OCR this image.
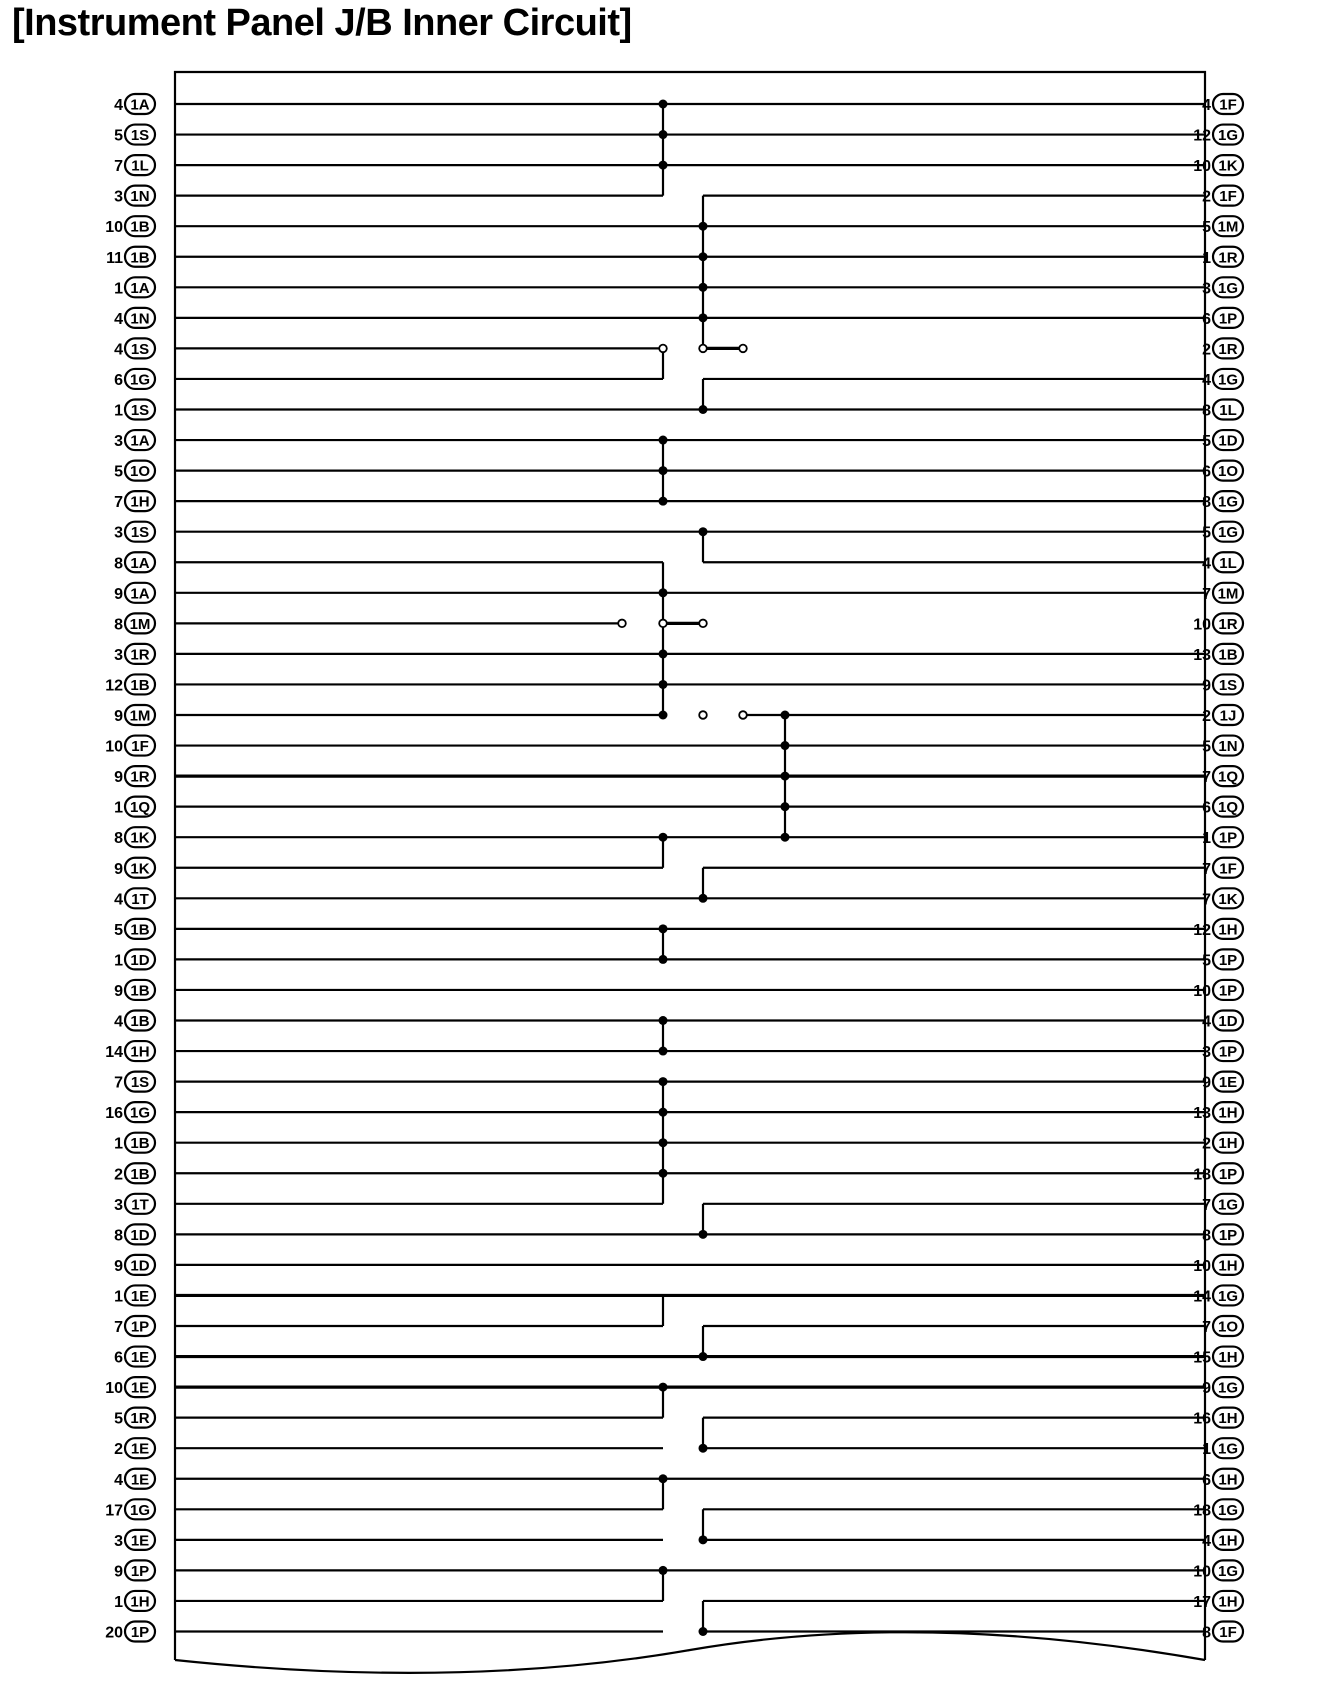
[Instrument Panel J/B Inner Circuit]
4 1A
5 1S
7 1L
3 1N
10 1B
11 1B
1 1A
4 1N
4 1S
6 1G
1 1S
3 1A
5 1O
7 1H
3 1S
8 1A
9 1A
8 1M
3 1R
12 1B
9 1M
10 1F
9 1R
1 1Q
8 1K
9 1K
4 1T
5 1B
1 1D
9 1B
4 1B
14 1H
7 1S
16 1G
1 1B
2 1B
3 1T
8 1D
9 1D
1 1E
7 1P
6 1E
10 1E
5 1R
2 1E
4 1E
17 1G
3 1E
9 1P
1 1H
20 1P
4 1F
12 1G
10 1K
2 1F
5 1M
1 1R
3 1G
6 1P
2 1R
4 1G
8 1L
5 1D
6 1O
8 1G
5 1G
4 1L
7 1M
10 1R
13 1B
9 1S
2 1J
5 1N
7 1Q
6 1Q
1 1P
7 1F
7 1K
12 1H
5 1P
10 1P
4 1D
3 1P
9 1E
13 1H
2 1H
18 1P
7 1G
8 1P
10 1H
14 1G
7 1O
15 1H
9 1G
16 1H
1 1G
6 1H
18 1G
4 1H
10 1G
17 1H
8 1F
